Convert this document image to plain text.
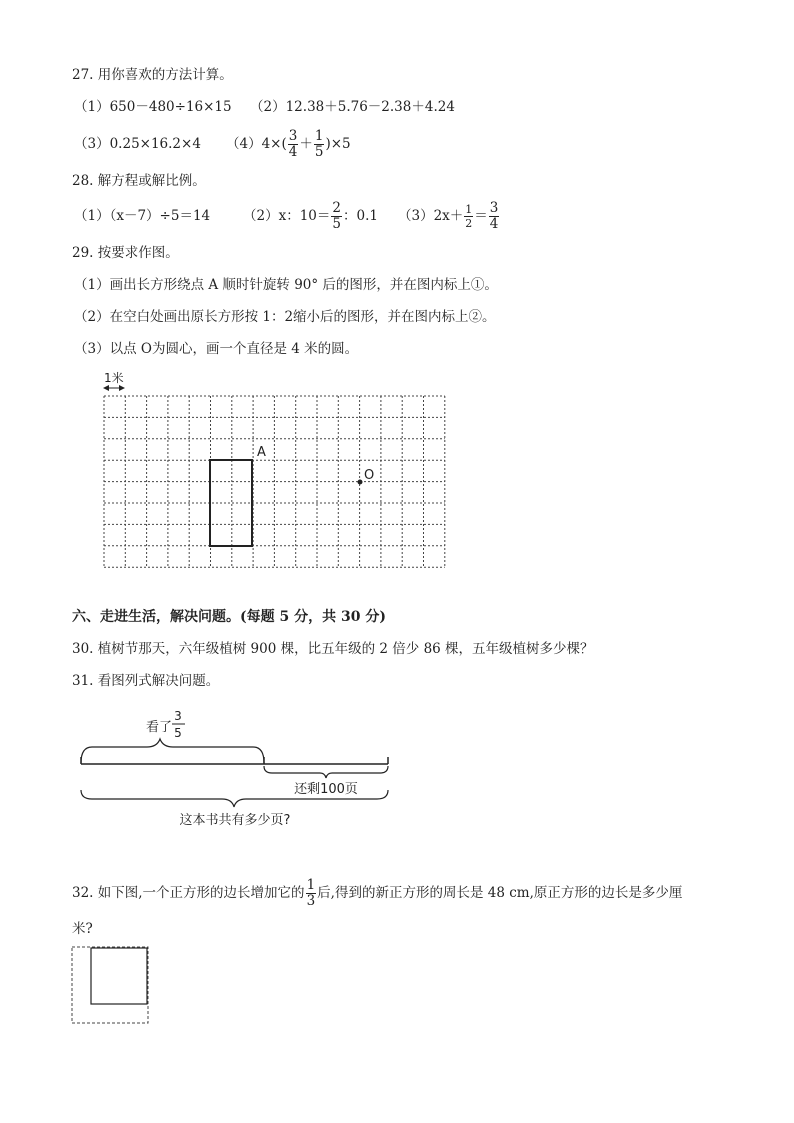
27. 用你喜欢的方法计算。
（1）650－480÷16×15 （2）12.38＋5.76－2.38＋4.24
（3）0.25×16.2×4 $(4)4\times( \frac{3}{4} + \frac{1}{5} )\times 5$
28. 解方程或解比例。
（1）（x－7）÷5＝14 （2）x：$10= \frac{2}{5}$ ：0.1 $(3)2x+ \frac{1}{2} = \frac{3}{4}$
29. 按要求作图。
（1）画出长方形绕点 A 顺时针旋转 90° 后的图形，并在图内标上①。
（2）在空白处画出原长方形按 1：2缩小后的图形，并在图内标上②。
（3）以点 O为圆心，画一个直径是 4 米的圆。
1米
A
O
六、走进生活，解决问题。(每题 5 分，共 30 分)
30. 植树节那天，六年级植树 900 棵，比五年级的 2 倍少 86 棵，五年级植树多少棵？
31. 看图列式解决问题。
看了
3
5
还剩100页
这本书共有多少页?
32. 如下图,一个正方形的边长增加它的 $\frac{1}{3}$ 后,得到的新正方形的周长是 48 cm,原正方形的边长是多少厘
米?
